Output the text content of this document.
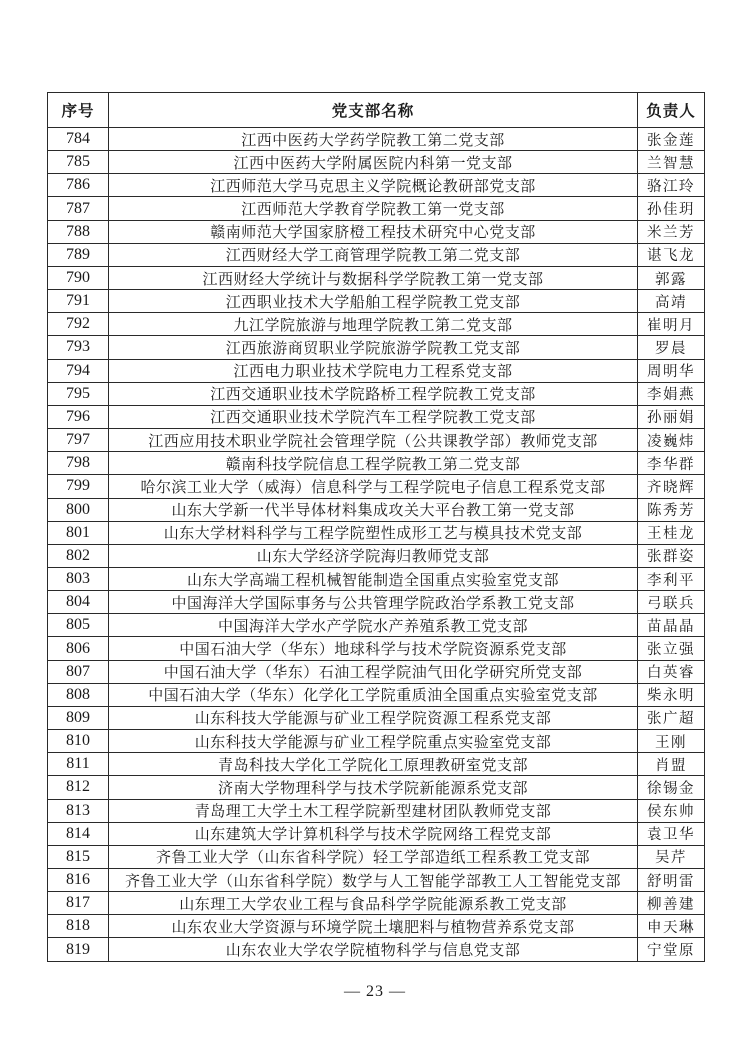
序号	党支部名称	负责人
784	江西中医药大学药学院教工第二党支部	张金莲
785	江西中医药大学附属医院内科第一党支部	兰智慧
786	江西师范大学马克思主义学院概论教研部党支部	骆江玲
787	江西师范大学教育学院教工第一党支部	孙佳玥
788	赣南师范大学国家脐橙工程技术研究中心党支部	米兰芳
789	江西财经大学工商管理学院教工第二党支部	谌飞龙
790	江西财经大学统计与数据科学学院教工第一党支部	郭露
791	江西职业技术大学船舶工程学院教工党支部	高靖
792	九江学院旅游与地理学院教工第二党支部	崔明月
793	江西旅游商贸职业学院旅游学院教工党支部	罗晨
794	江西电力职业技术学院电力工程系党支部	周明华
795	江西交通职业技术学院路桥工程学院教工党支部	李娟燕
796	江西交通职业技术学院汽车工程学院教工党支部	孙丽娟
797	江西应用技术职业学院社会管理学院（公共课教学部）教师党支部	凌巍炜
798	赣南科技学院信息工程学院教工第二党支部	李华群
799	哈尔滨工业大学（威海）信息科学与工程学院电子信息工程系党支部	齐晓辉
800	山东大学新一代半导体材料集成攻关大平台教工第一党支部	陈秀芳
801	山东大学材料科学与工程学院塑性成形工艺与模具技术党支部	王桂龙
802	山东大学经济学院海归教师党支部	张群姿
803	山东大学高端工程机械智能制造全国重点实验室党支部	李利平
804	中国海洋大学国际事务与公共管理学院政治学系教工党支部	弓联兵
805	中国海洋大学水产学院水产养殖系教工党支部	苗晶晶
806	中国石油大学（华东）地球科学与技术学院资源系党支部	张立强
807	中国石油大学（华东）石油工程学院油气田化学研究所党支部	白英睿
808	中国石油大学（华东）化学化工学院重质油全国重点实验室党支部	柴永明
809	山东科技大学能源与矿业工程学院资源工程系党支部	张广超
810	山东科技大学能源与矿业工程学院重点实验室党支部	王刚
811	青岛科技大学化工学院化工原理教研室党支部	肖盟
812	济南大学物理科学与技术学院新能源系党支部	徐锡金
813	青岛理工大学土木工程学院新型建材团队教师党支部	侯东帅
814	山东建筑大学计算机科学与技术学院网络工程党支部	袁卫华
815	齐鲁工业大学（山东省科学院）轻工学部造纸工程系教工党支部	吴芹
816	齐鲁工业大学（山东省科学院）数学与人工智能学部教工人工智能党支部	舒明雷
817	山东理工大学农业工程与食品科学学院能源系教工党支部	柳善建
818	山东农业大学资源与环境学院土壤肥料与植物营养系党支部	申天琳
819	山东农业大学农学院植物科学与信息党支部	宁堂原
— 23 —
